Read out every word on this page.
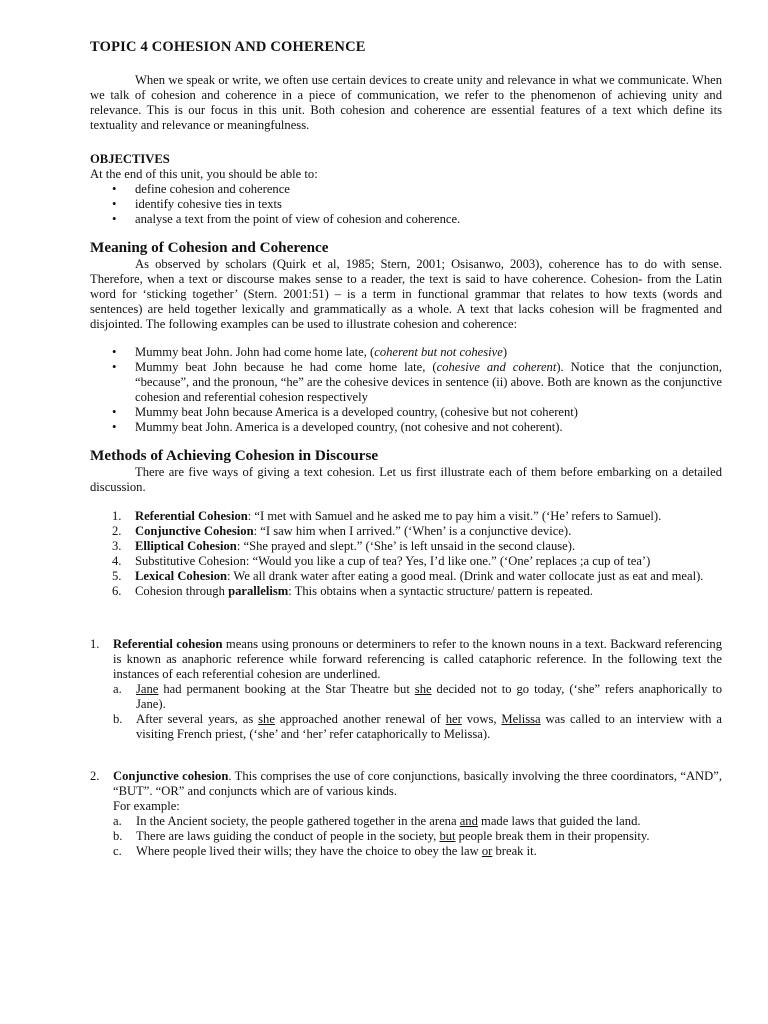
TOPIC 4 COHESION AND COHERENCE

When we speak or write, we often use certain devices to create unity and relevance in what we communicate. When we talk of cohesion and coherence in a piece of communication, we refer to the phenomenon of achieving unity and relevance. This is our focus in this unit. Both cohesion and coherence are essential features of a text which define its textuality and relevance or meaningfulness.

OBJECTIVES

At the end of this unit, you should be able to:

• define cohesion and coherence
• identify cohesive ties in texts
• analyse a text from the point of view of cohesion and coherence.
Meaning of Cohesion and Coherence

As observed by scholars (Quirk et al, 1985; Stern, 2001; Osisanwo, 2003), coherence has to do with sense. Therefore, when a text or discourse makes sense to a reader, the text is said to have coherence. Cohesion- from the Latin word for ‘sticking together’ (Stern. 2001:51) – is a term in functional grammar that relates to how texts (words and sentences) are held together lexically and grammatically as a whole. A text that lacks cohesion will be fragmented and disjointed. The following examples can be used to illustrate cohesion and coherence:

• Mummy beat John. John had come home late, (coherent but not cohesive)
• Mummy beat John because he had come home late, (cohesive and coherent). Notice that the conjunction, “because”, and the pronoun, “he” are the cohesive devices in sentence (ii) above. Both are known as the conjunctive cohesion and referential cohesion respectively
• Mummy beat John because America is a developed country, (cohesive but not coherent)
• Mummy beat John. America is a developed country, (not cohesive and not coherent).
Methods of Achieving Cohesion in Discourse

There are five ways of giving a text cohesion. Let us first illustrate each of them before embarking on a detailed discussion.

1. Referential Cohesion: “I met with Samuel and he asked me to pay him a visit.” (‘He’ refers to Samuel).
2. Conjunctive Cohesion: “I saw him when I arrived.” (‘When’ is a conjunctive device).
3. Elliptical Cohesion: “She prayed and slept.” (‘She’ is left unsaid in the second clause).
4. Substitutive Cohesion: “Would you like a cup of tea? Yes, I’d like one.” (‘One’ replaces ;a cup of tea’)
5. Lexical Cohesion: We all drank water after eating a good meal. (Drink and water collocate just as eat and meal).
6. Cohesion through parallelism: This obtains when a syntactic structure/ pattern is repeated.
1. Referential cohesion means using pronouns or determiners to refer to the known nouns in a text. Backward referencing is known as anaphoric reference while forward referencing is called cataphoric reference. In the following text the instances of each referential cohesion are underlined.

a. Jane had permanent booking at the Star Theatre but she decided not to go today, (‘she” refers anaphorically to Jane).
b. After several years, as she approached another renewal of her vows, Melissa was called to an interview with a visiting French priest, (‘she’ and ‘her’ refer cataphorically to Melissa).
2. Conjunctive cohesion. This comprises the use of core conjunctions, basically involving the three coordinators, “AND”, “BUT”. “OR” and conjuncts which are of various kinds.

For example:

a. In the Ancient society, the people gathered together in the arena and made laws that guided the land.
b. There are laws guiding the conduct of people in the society, but people break them in their propensity.
c. Where people lived their wills; they have the choice to obey the law or break it.
